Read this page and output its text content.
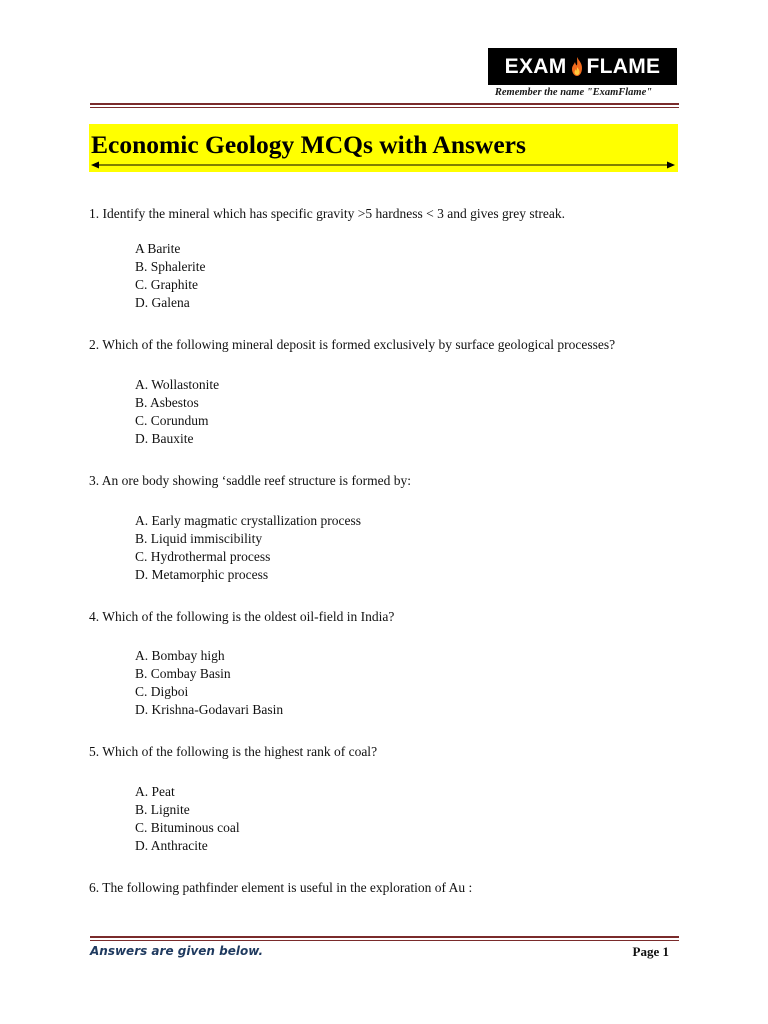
EXAM FLAME
Remember the name "ExamFlame"
Economic Geology MCQs with Answers
1. Identify the mineral which has specific gravity >5 hardness < 3 and gives grey streak.
A Barite
B. Sphalerite
C. Graphite
D. Galena
2. Which of the following mineral deposit is formed exclusively by surface geological processes?
A. Wollastonite
B. Asbestos
C. Corundum
D. Bauxite
3. An ore body showing ‘saddle reef structure is formed by:
A. Early magmatic crystallization process
B. Liquid immiscibility
C. Hydrothermal process
D. Metamorphic process
4. Which of the following is the oldest oil-field in India?
A. Bombay high
B. Combay Basin
C. Digboi
D. Krishna-Godavari Basin
5. Which of the following is the highest rank of coal?
A. Peat
B. Lignite
C. Bituminous coal
D. Anthracite
6. The following pathfinder element is useful in the exploration of Au :
Answers are given below.	Page 1
